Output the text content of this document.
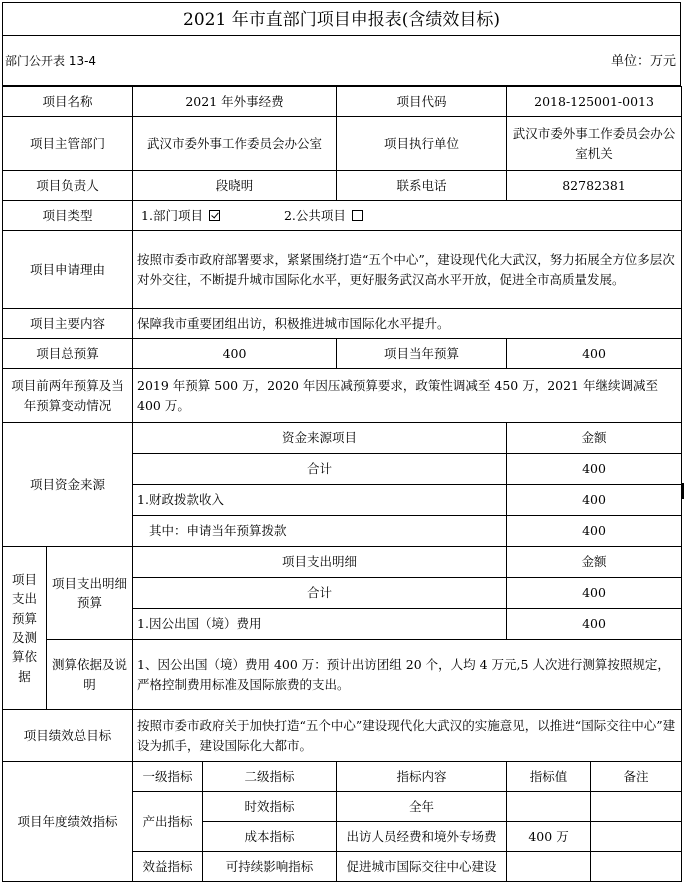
2021 年市直部门项目申报表(含绩效目标)
部门公开表 13-4	单位：万元
项目名称		2021 年外事经费		项目代码	2018-125001-0013	
项目主管部门		武汉市委外事工作委员会办公室		项目执行单位	武汉市委外事工作委员会办公室机关	
项目负责人		段晓明		联系电话	82782381	
项目类型		1.部门项目 2.公共项目				
项目申请理由		按照市委市政府部署要求，紧紧围绕打造“五个中心”，建设现代化大武汉，努力拓展全方位多层次对外交往，不断提升城市国际化水平，更好服务武汉高水平开放，促进全市高质量发展。				
项目主要内容		保障我市重要团组出访，积极推进城市国际化水平提升。				
项目总预算		400		项目当年预算	400	
项目前两年预算及当年预算变动情况		2019 年预算 500 万，2020 年因压减预算要求，政策性调减至 450 万，2021 年继续调减至 400 万。				
项目资金来源		资金来源项目			金额	
		合计			400	
		1.财政拨款收入			400	
		其中：申请当年预算拨款			400	
项目支出预算及测算依据	项目支出明细预算	项目支出明细			金额	
		合计			400	
		1.因公出国（境）费用			400	
	测算依据及说明	1、因公出国（境）费用 400 万：预计出访团组 20 个，人均 4 万元,5 人次进行测算按照规定，严格控制费用标准及国际旅费的支出。				
项目绩效总目标		按照市委市政府关于加快打造“五个中心”建设现代化大武汉的实施意见，以推进“国际交往中心”建设为抓手，建设国际化大都市。				
项目年度绩效指标		一级指标	二级指标	指标内容	指标值	备注
		产出指标	时效指标	全年		
			成本指标	出访人员经费和境外专场费	400 万	
		效益指标	可持续影响指标	促进城市国际交往中心建设		
